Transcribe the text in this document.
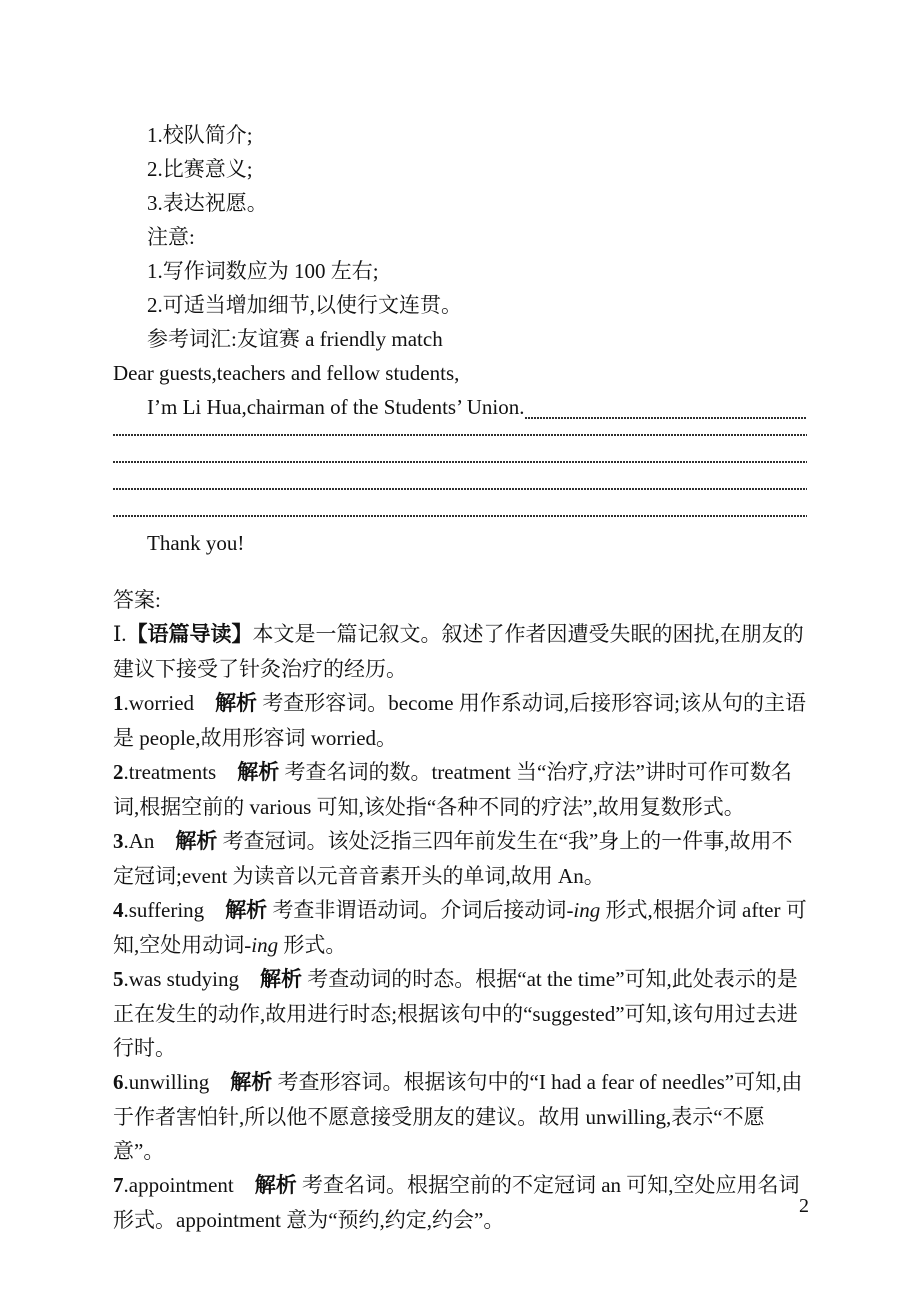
1.校队简介;
2.比赛意义;
3.表达祝愿。
注意:
1.写作词数应为 100 左右;
2.可适当增加细节,以使行文连贯。
参考词汇:友谊赛 a friendly match
Dear guests,teachers and fellow students,
I’m Li Hua,chairman of the Students’ Union.
Thank you!
答案:
Ⅰ.【语篇导读】本文是一篇记叙文。叙述了作者因遭受失眠的困扰,在朋友的建议下接受了针灸治疗的经历。
1.worried 解析 考查形容词。become 用作系动词,后接形容词;该从句的主语是 people,故用形容词 worried。
2.treatments 解析 考查名词的数。treatment 当“治疗,疗法”讲时可作可数名词,根据空前的 various 可知,该处指“各种不同的疗法”,故用复数形式。
3.An 解析 考查冠词。该处泛指三四年前发生在“我”身上的一件事,故用不定冠词;event 为读音以元音音素开头的单词,故用 An。
4.suffering 解析 考查非谓语动词。介词后接动词-ing 形式,根据介词 after 可知,空处用动词-ing 形式。
5.was studying 解析 考查动词的时态。根据“at the time”可知,此处表示的是正在发生的动作,故用进行时态;根据该句中的“suggested”可知,该句用过去进行时。
6.unwilling 解析 考查形容词。根据该句中的“I had a fear of needles”可知,由于作者害怕针,所以他不愿意接受朋友的建议。故用 unwilling,表示“不愿意”。
7.appointment 解析 考查名词。根据空前的不定冠词 an 可知,空处应用名词形式。appointment 意为“预约,约定,约会”。
2
